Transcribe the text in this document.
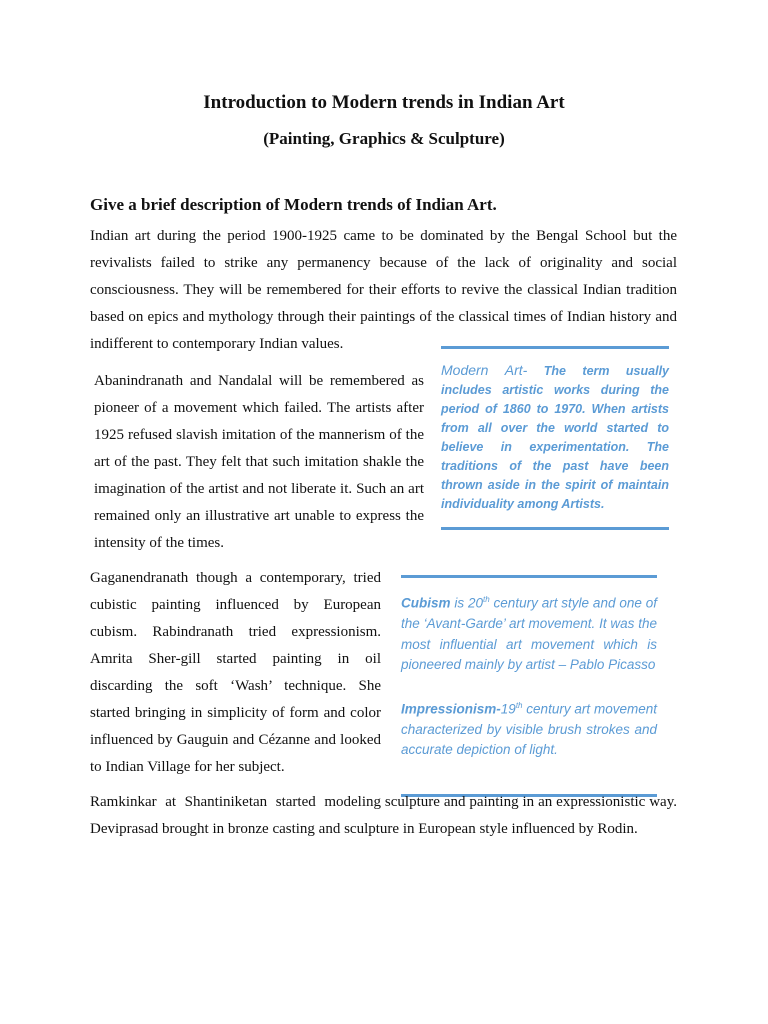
Introduction to Modern trends in Indian Art
(Painting, Graphics & Sculpture)
Give a brief description of Modern trends of Indian Art.
Indian art during the period 1900-1925 came to be dominated by the Bengal School but the revivalists failed to strike any permanency because of the lack of originality and social consciousness. They will be remembered for their efforts to revive the classical Indian tradition based on epics and mythology through their paintings of the classical times of Indian history and indifferent to contemporary Indian values.
Modern Art- The term usually includes artistic works during the period of 1860 to 1970. When artists from all over the world started to believe in experimentation. The traditions of the past have been thrown aside in the spirit of maintain individuality among Artists.
Abanindranath and Nandalal will be remembered as pioneer of a movement which failed. The artists after 1925 refused slavish imitation of the mannerism of the art of the past. They felt that such imitation shakle the imagination of the artist and not liberate it. Such an art remained only an illustrative art unable to express the intensity of the times.
Gaganendranath though a contemporary, tried cubistic painting influenced by European cubism. Rabindranath tried expressionism. Amrita Sher-gill started painting in oil discarding the soft ‘Wash’ technique. She started bringing in simplicity of form and color influenced by Gauguin and Cézanne and looked to Indian Village for her subject.
Cubism is 20th century art style and one of the ‘Avant-Garde’ art movement. It was the most influential art movement which is pioneered mainly by artist – Pablo Picasso
Impressionism-19th century art movement characterized by visible brush strokes and accurate depiction of light.
Ramkinkar at Shantiniketan started modeling sculpture and painting in an expressionistic way. Deviprasad brought in bronze casting and sculpture in European style influenced by Rodin.
